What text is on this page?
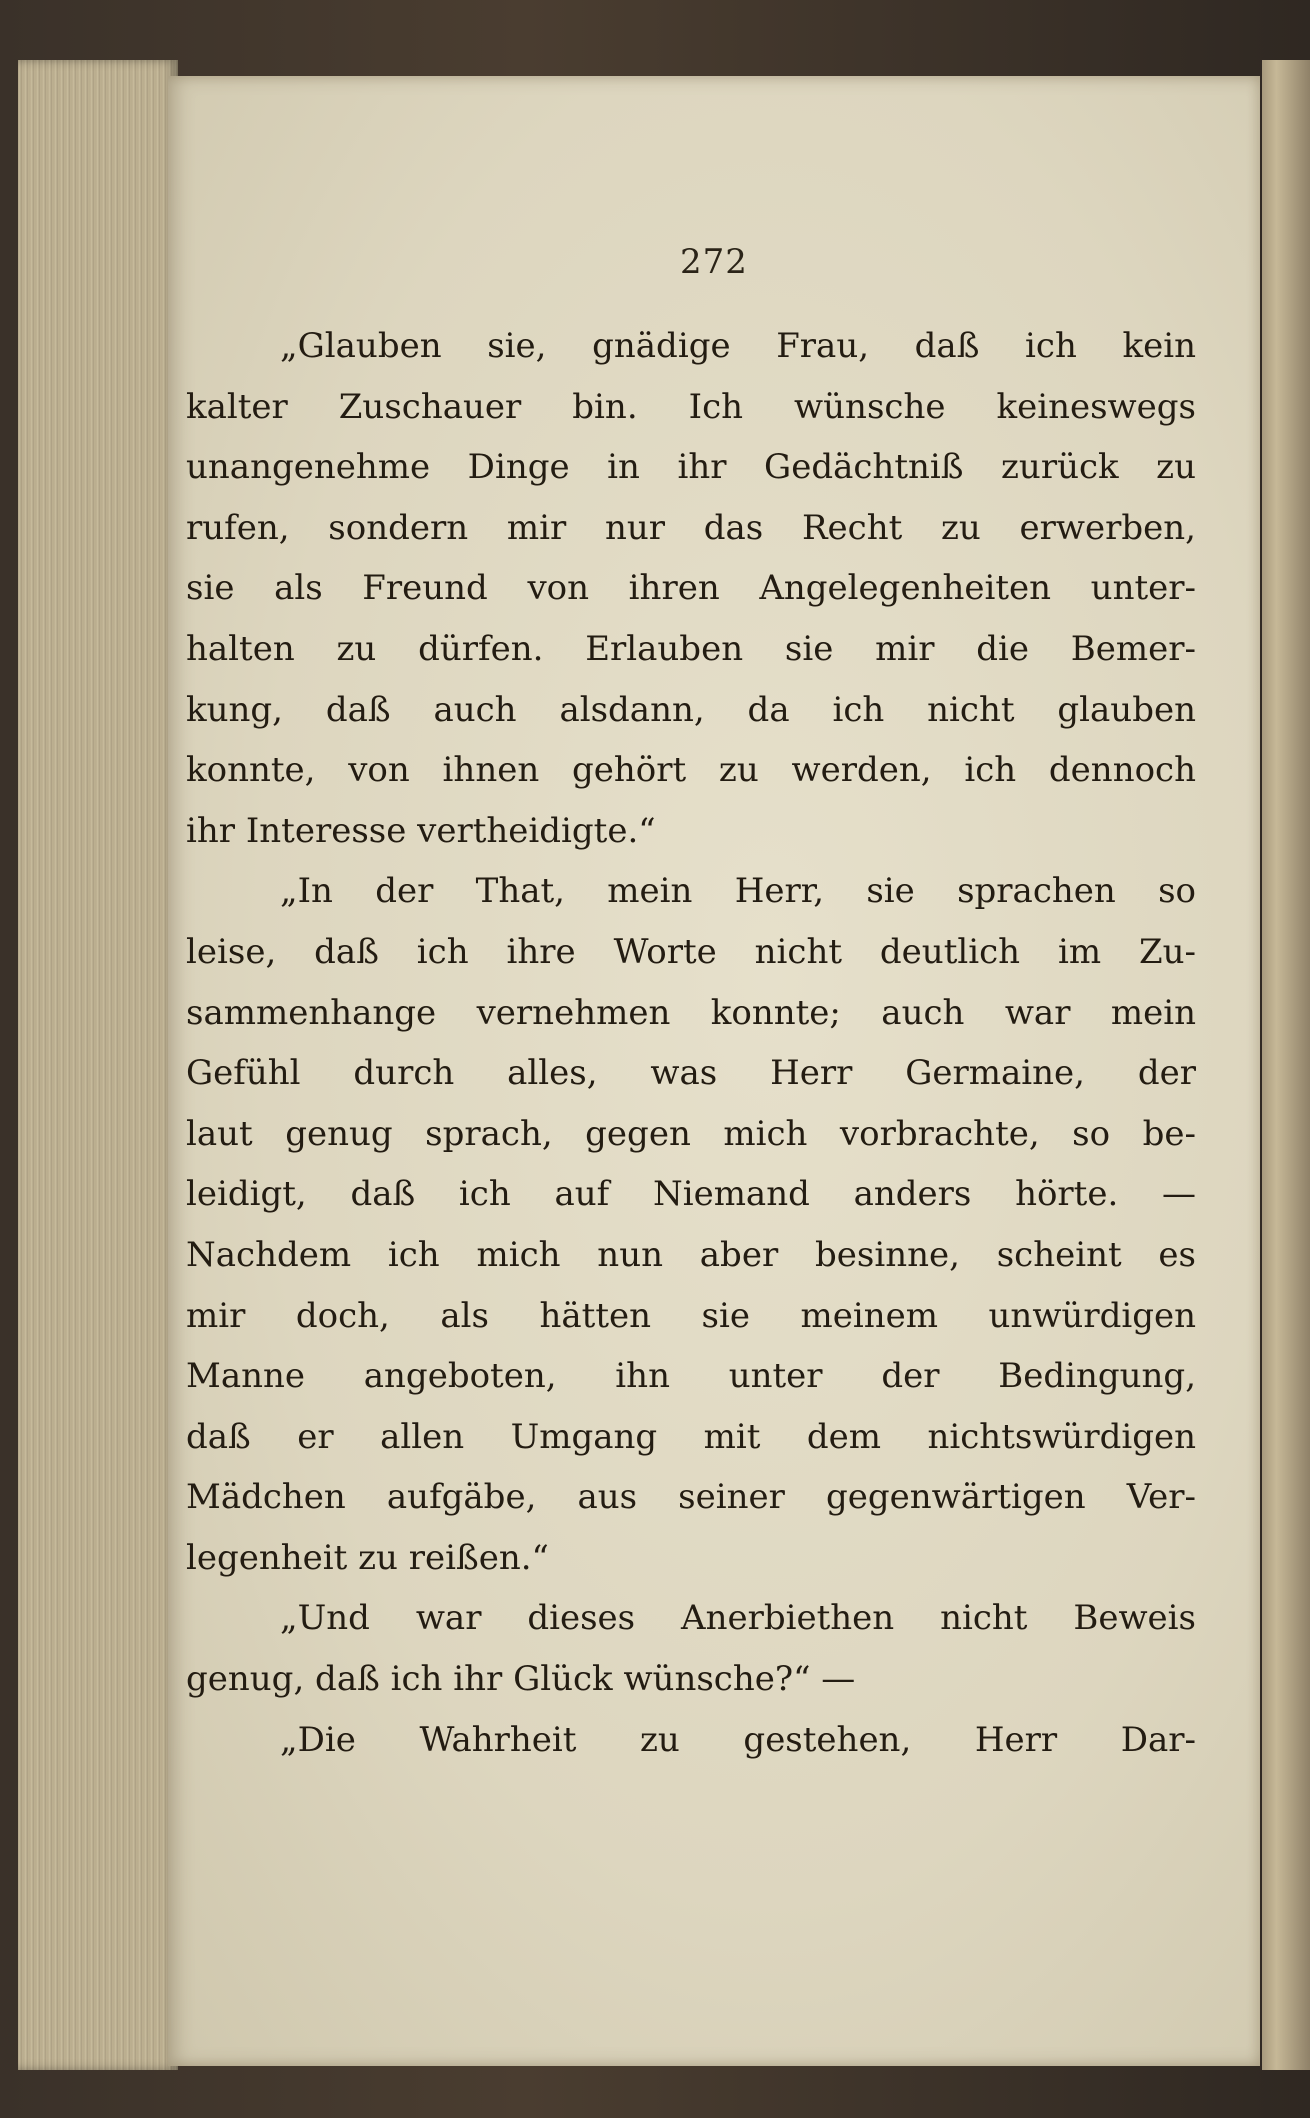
272
„Glauben sie, gnädige Frau, daß ich kein
kalter Zuschauer bin. Ich wünsche keineswegs
unangenehme Dinge in ihr Gedächtniß zurück zu
rufen, sondern mir nur das Recht zu erwerben,
sie als Freund von ihren Angelegenheiten unter-
halten zu dürfen. Erlauben sie mir die Bemer-
kung, daß auch alsdann, da ich nicht glauben
konnte, von ihnen gehört zu werden, ich dennoch
ihr Interesse vertheidigte.“
„In der That, mein Herr, sie sprachen so
leise, daß ich ihre Worte nicht deutlich im Zu-
sammenhange vernehmen konnte; auch war mein
Gefühl durch alles, was Herr Germaine, der
laut genug sprach, gegen mich vorbrachte, so be-
leidigt, daß ich auf Niemand anders hörte. —
Nachdem ich mich nun aber besinne, scheint es
mir doch, als hätten sie meinem unwürdigen
Manne angeboten, ihn unter der Bedingung,
daß er allen Umgang mit dem nichtswürdigen
Mädchen aufgäbe, aus seiner gegenwärtigen Ver-
legenheit zu reißen.“
„Und war dieses Anerbiethen nicht Beweis
genug, daß ich ihr Glück wünsche?“ —
„Die Wahrheit zu gestehen, Herr Dar-
